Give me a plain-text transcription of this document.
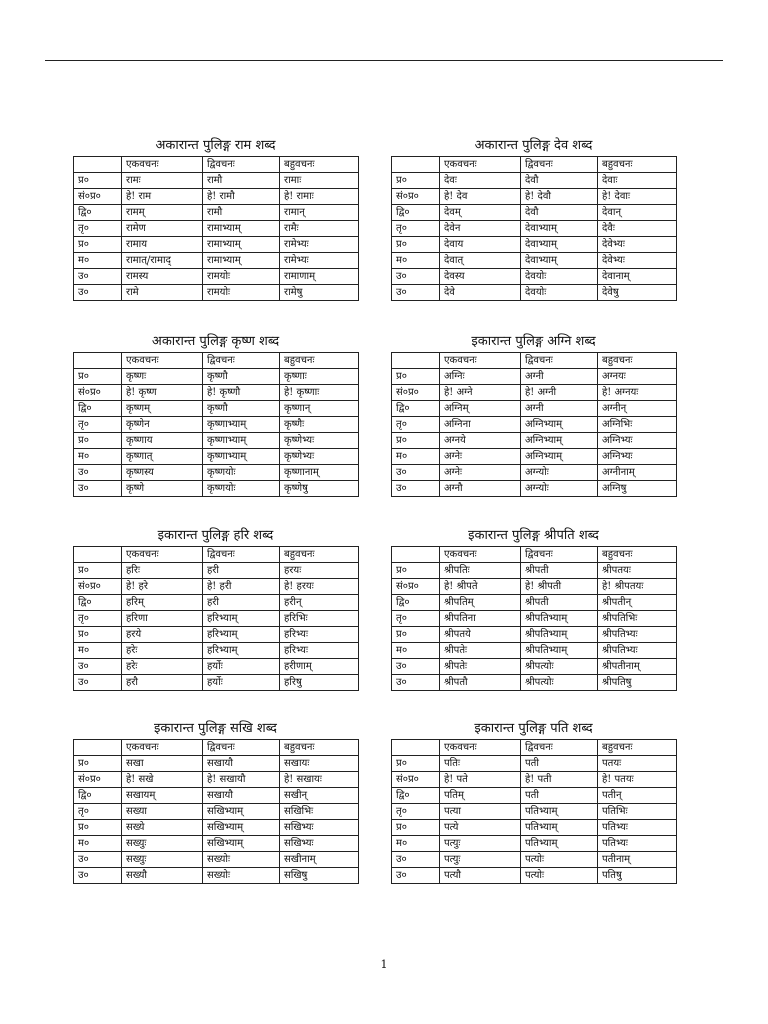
अकारान्त पुलिङ्ग राम शब्द
	एकवचनः	द्विवचनः	बहुवचनः
प्र०	रामः	रामौ	रामाः
सं०प्र०	हे! राम	हे! रामौ	हे! रामाः
द्वि०	रामम्	रामौ	रामान्
तृ०	रामेण	रामाभ्याम्	रामैः
प्र०	रामाय	रामाभ्याम्	रामेभ्यः
म०	रामात्/रामाद्	रामाभ्याम्	रामेभ्यः
उ०	रामस्य	रामयोः	रामाणाम्
उ०	रामे	रामयोः	रामेषु
अकारान्त पुलिङ्ग देव शब्द
	एकवचनः	द्विवचनः	बहुवचनः
प्र०	देवः	देवौ	देवाः
सं०प्र०	हे! देव	हे! देवौ	हे! देवाः
द्वि०	देवम्	देवौ	देवान्
तृ०	देवेन	देवाभ्याम्	देवैः
प्र०	देवाय	देवाभ्याम्	देवेभ्यः
म०	देवात्	देवाभ्याम्	देवेभ्यः
उ०	देवस्य	देवयोः	देवानाम्
उ०	देवे	देवयोः	देवेषु
अकारान्त पुलिङ्ग कृष्ण शब्द
	एकवचनः	द्विवचनः	बहुवचनः
प्र०	कृष्णः	कृष्णौ	कृष्णाः
सं०प्र०	हे! कृष्ण	हे! कृष्णौ	हे! कृष्णाः
द्वि०	कृष्णम्	कृष्णौ	कृष्णान्
तृ०	कृष्णेन	कृष्णाभ्याम्	कृष्णैः
प्र०	कृष्णाय	कृष्णाभ्याम्	कृष्णेभ्यः
म०	कृष्णात्	कृष्णाभ्याम्	कृष्णेभ्यः
उ०	कृष्णस्य	कृष्णयोः	कृष्णानाम्
उ०	कृष्णे	कृष्णयोः	कृष्णेषु
इकारान्त पुलिङ्ग अग्नि शब्द
	एकवचनः	द्विवचनः	बहुवचनः
प्र०	अग्निः	अग्नी	अग्नयः
सं०प्र०	हे! अग्ने	हे! अग्नी	हे! अग्नयः
द्वि०	अग्निम्	अग्नी	अग्नीन्
तृ०	अग्निना	अग्निभ्याम्	अग्निभिः
प्र०	अग्नये	अग्निभ्याम्	अग्निभ्यः
म०	अग्नेः	अग्निभ्याम्	अग्निभ्यः
उ०	अग्नेः	अग्न्योः	अग्नीनाम्
उ०	अग्नौ	अग्न्योः	अग्निषु
इकारान्त पुलिङ्ग हरि शब्द
	एकवचनः	द्विवचनः	बहुवचनः
प्र०	हरिः	हरी	हरयः
सं०प्र०	हे! हरे	हे! हरी	हे! हरयः
द्वि०	हरिम्	हरी	हरीन्
तृ०	हरिणा	हरिभ्याम्	हरिभिः
प्र०	हरये	हरिभ्याम्	हरिभ्यः
म०	हरेः	हरिभ्याम्	हरिभ्यः
उ०	हरेः	हर्योः	हरीणाम्
उ०	हरौ	हर्योः	हरिषु
इकारान्त पुलिङ्ग श्रीपति शब्द
	एकवचनः	द्विवचनः	बहुवचनः
प्र०	श्रीपतिः	श्रीपती	श्रीपतयः
सं०प्र०	हे! श्रीपते	हे! श्रीपती	हे! श्रीपतयः
द्वि०	श्रीपतिम्	श्रीपती	श्रीपतीन्
तृ०	श्रीपतिना	श्रीपतिभ्याम्	श्रीपतिभिः
प्र०	श्रीपतये	श्रीपतिभ्याम्	श्रीपतिभ्यः
म०	श्रीपतेः	श्रीपतिभ्याम्	श्रीपतिभ्यः
उ०	श्रीपतेः	श्रीपत्योः	श्रीपतीनाम्
उ०	श्रीपतौ	श्रीपत्योः	श्रीपतिषु
इकारान्त पुलिङ्ग सखि शब्द
	एकवचनः	द्विवचनः	बहुवचनः
प्र०	सखा	सखायौ	सखायः
सं०प्र०	हे! सखे	हे! सखायौ	हे! सखायः
द्वि०	सखायम्	सखायौ	सखीन्
तृ०	सख्या	सखिभ्याम्	सखिभिः
प्र०	सख्ये	सखिभ्याम्	सखिभ्यः
म०	सख्युः	सखिभ्याम्	सखिभ्यः
उ०	सख्युः	सख्योः	सखीनाम्
उ०	सख्यौ	सख्योः	सखिषु
इकारान्त पुलिङ्ग पति शब्द
	एकवचनः	द्विवचनः	बहुवचनः
प्र०	पतिः	पती	पतयः
सं०प्र०	हे! पते	हे! पती	हे! पतयः
द्वि०	पतिम्	पती	पतीन्
तृ०	पत्या	पतिभ्याम्	पतिभिः
प्र०	पत्ये	पतिभ्याम्	पतिभ्यः
म०	पत्युः	पतिभ्याम्	पतिभ्यः
उ०	पत्युः	पत्योः	पतीनाम्
उ०	पत्यौ	पत्योः	पतिषु
1
